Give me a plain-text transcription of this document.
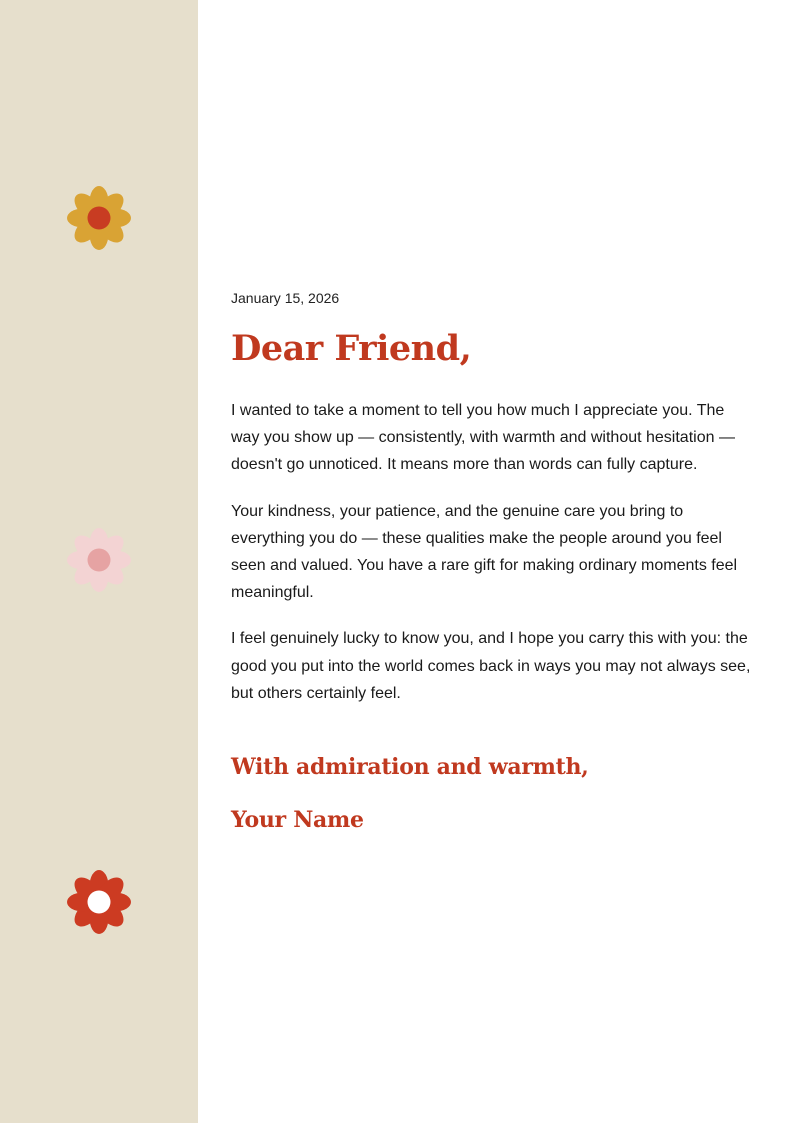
January 15, 2026

Dear Friend,

I wanted to take a moment to tell you how much I appreciate you. The way you show up — consistently, with warmth and without hesitation — doesn't go unnoticed. It means more than words can fully capture.

Your kindness, your patience, and the genuine care you bring to everything you do — these qualities make the people around you feel seen and valued. You have a rare gift for making ordinary moments feel meaningful.

I feel genuinely lucky to know you, and I hope you carry this with you: the good you put into the world comes back in ways you may not always see, but others certainly feel.

With admiration and warmth,

Your Name
